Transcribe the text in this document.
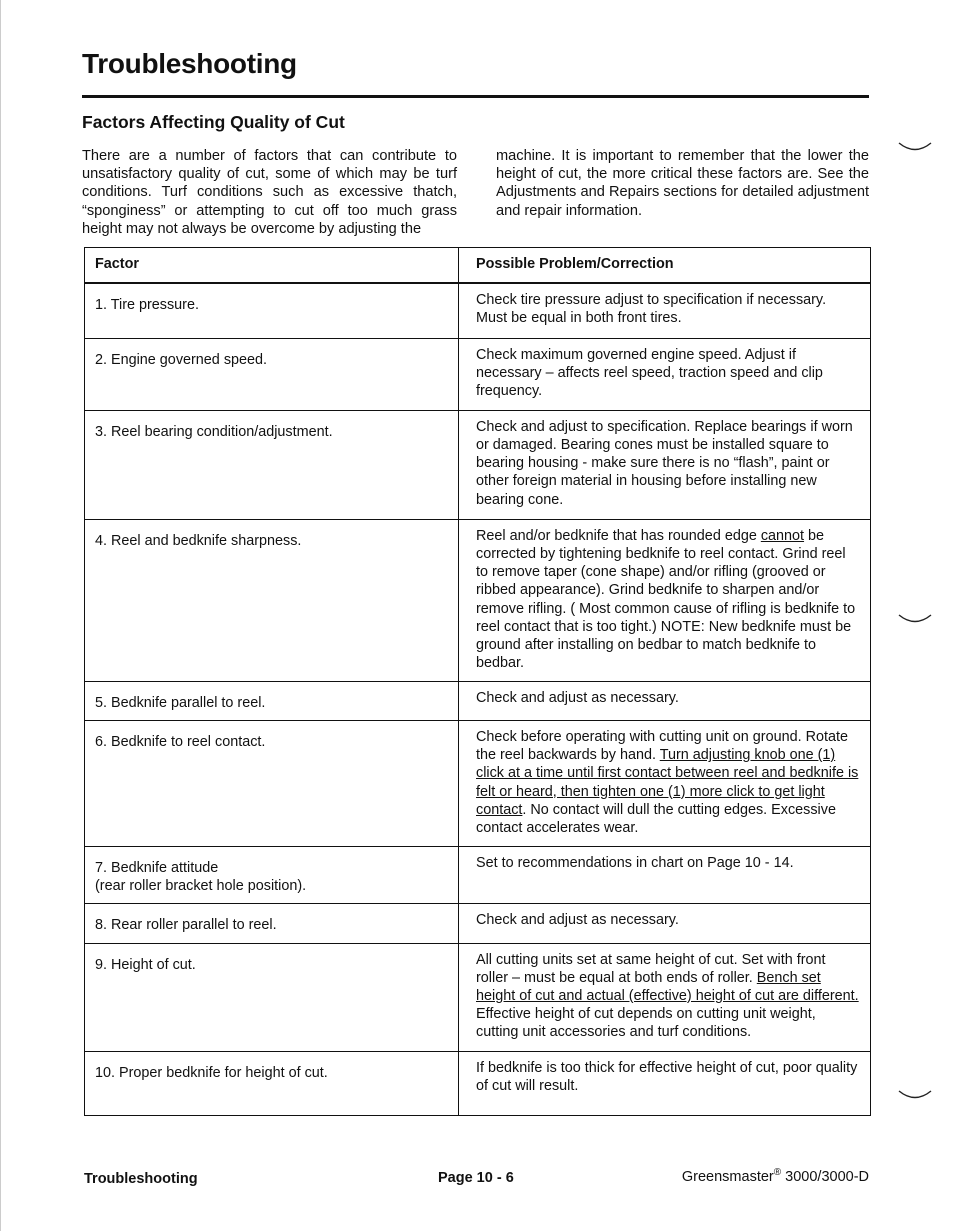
Troubleshooting
Factors Affecting Quality of Cut
There are a number of factors that can contribute to unsatisfactory quality of cut, some of which may be turf conditions. Turf conditions such as excessive thatch, “sponginess” or attempting to cut off too much grass height may not always be overcome by adjusting the
machine. It is important to remember that the lower the height of cut, the more critical these factors are. See the Adjustments and Repairs sections for detailed adjustment and repair information.
Factor	Possible Problem/Correction
1. Tire pressure.	Check tire pressure adjust to specification if necessary. Must be equal in both front tires.
2. Engine governed speed.	Check maximum governed engine speed. Adjust if necessary – affects reel speed, traction speed and clip frequency.
3. Reel bearing condition/adjustment.	Check and adjust to specification. Replace bearings if worn or damaged. Bearing cones must be installed square to bearing housing - make sure there is no “flash”, paint or other foreign material in housing before installing new bearing cone.
4. Reel and bedknife sharpness.	Reel and/or bedknife that has rounded edge cannot be corrected by tightening bedknife to reel contact. Grind reel to remove taper (cone shape) and/or rifling (grooved or ribbed appearance). Grind bedknife to sharpen and/or remove rifling. ( Most common cause of rifling is bedknife to reel contact that is too tight.) NOTE: New bedknife must be ground after installing on bedbar to match bedknife to bedbar.
5. Bedknife parallel to reel.	Check and adjust as necessary.
6. Bedknife to reel contact.	Check before operating with cutting unit on ground. Rotate the reel backwards by hand. Turn adjusting knob one (1) click at a time until first contact between reel and bedknife is felt or heard, then tighten one (1) more click to get light contact. No contact will dull the cutting edges. Excessive contact accelerates wear.

7. Bedknife attitude
(rear roller bracket hole position).	Set to recommendations in chart on Page 10 - 14.
8. Rear roller parallel to reel.	Check and adjust as necessary.
9. Height of cut.	All cutting units set at same height of cut. Set with front roller – must be equal at both ends of roller. Bench set height of cut and actual (effective) height of cut are different. Effective height of cut depends on cutting unit weight, cutting unit accessories and turf conditions.
10. Proper bedknife for height of cut.	If bedknife is too thick for effective height of cut, poor quality of cut will result.
Troubleshooting	Page 10 - 6	Greensmaster® 3000/3000-D
